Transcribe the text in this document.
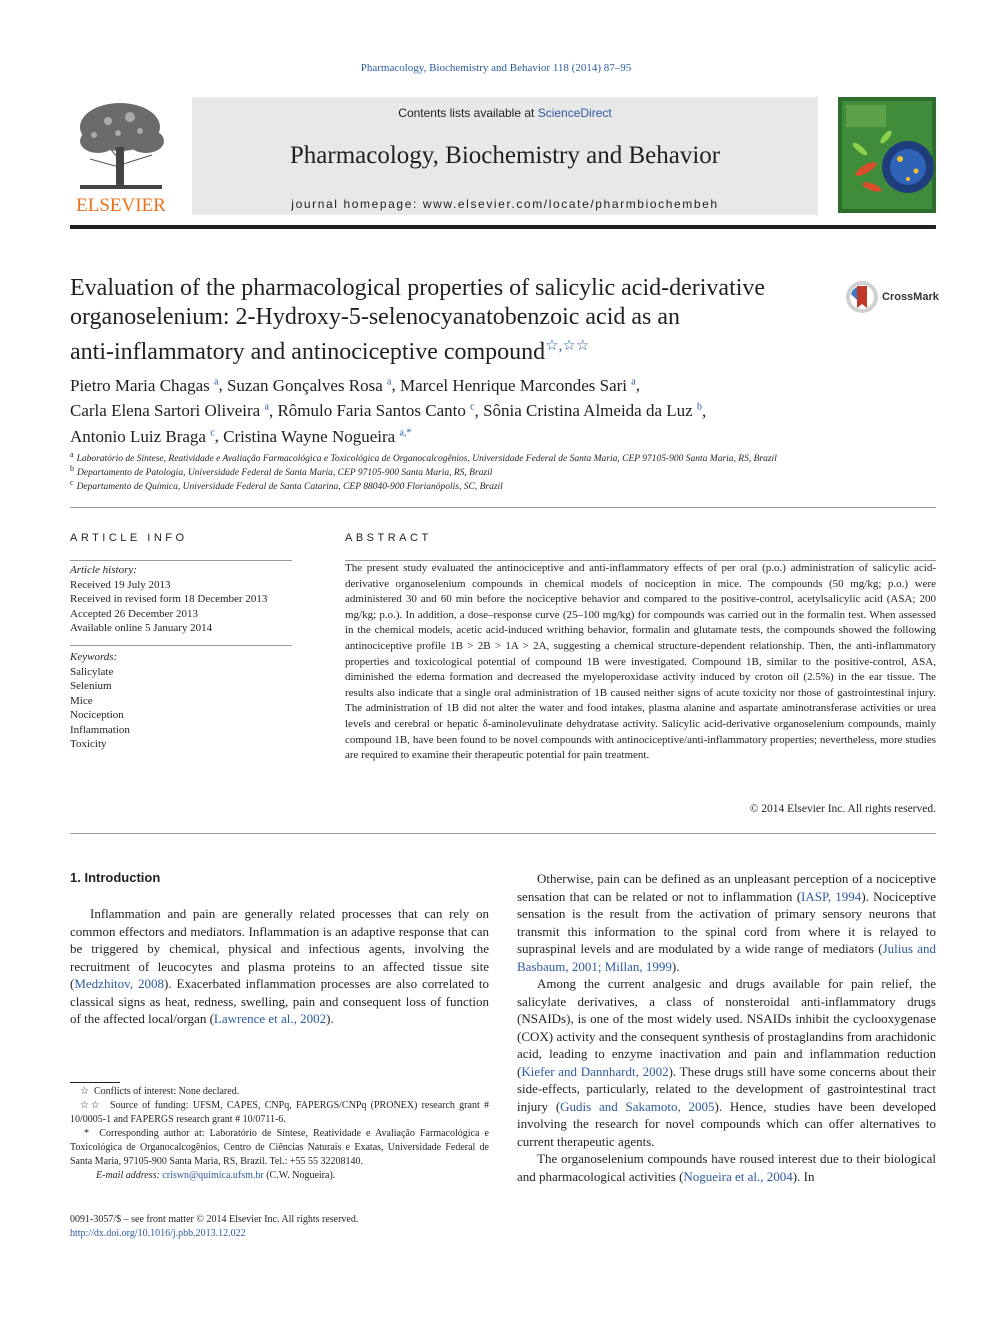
Pharmacology, Biochemistry and Behavior 118 (2014) 87–95
ELSEVIER
Contents lists available at ScienceDirect
Pharmacology, Biochemistry and Behavior
journal homepage: www.elsevier.com/locate/pharmbiochembeh
Evaluation of the pharmacological properties of salicylic acid-derivative
organoselenium: 2-Hydroxy-5-selenocyanatobenzoic acid as an
anti-inflammatory and antinociceptive compound☆,☆☆
CrossMark
Pietro Maria Chagas $^a$, Suzan Gonçalves Rosa $^a$, Marcel Henrique Marcondes Sari $^a$,
Carla Elena Sartori Oliveira $^a$, Rômulo Faria Santos Canto $^c$, Sônia Cristina Almeida da Luz $^b$,
Antonio Luiz Braga $^c$, Cristina Wayne Nogueira $^{a,*}$
$^a$ Laboratório de Síntese, Reatividade e Avaliação Farmacológica e Toxicológica de Organocalcogênios, Universidade Federal de Santa Maria, CEP 97105-900 Santa Maria, RS, Brazil
$^b$ Departamento de Patologia, Universidade Federal de Santa Maria, CEP 97105-900 Santa Maria, RS, Brazil
$^c$ Departamento de Química, Universidade Federal de Santa Catarina, CEP 88040-900 Florianópolis, SC, Brazil
ARTICLE INFO
Article history:
Received 19 July 2013
Received in revised form 18 December 2013
Accepted 26 December 2013
Available online 5 January 2014
Keywords:
Salicylate
Selenium
Mice
Nociception
Inflammation
Toxicity
ABSTRACT
The present study evaluated the antinociceptive and anti-inflammatory effects of per oral (p.o.) administration of salicylic acid-derivative organoselenium compounds in chemical models of nociception in mice. The compounds (50 mg/kg; p.o.) were administered 30 and 60 min before the nociceptive behavior and compared to the positive-control, acetylsalicylic acid (ASA; 200 mg/kg; p.o.). In addition, a dose–response curve (25–100 mg/kg) for compounds was carried out in the formalin test. When assessed in the chemical models, acetic acid-induced writhing behavior, formalin and glutamate tests, the compounds showed the following antinociceptive profile 1B > 2B > 1A > 2A, suggesting a chemical structure-dependent relationship. Then, the anti-inflammatory properties and toxicological potential of compound 1B were investigated. Compound 1B, similar to the positive-control, ASA, diminished the edema formation and decreased the myeloperoxidase activity induced by croton oil (2.5%) in the ear tissue. The results also indicate that a single oral administration of 1B caused neither signs of acute toxicity nor those of gastrointestinal injury. The administration of 1B did not alter the water and food intakes, plasma alanine and aspartate aminotransferase activities or urea levels and cerebral or hepatic δ-aminolevulinate dehydratase activity. Salicylic acid-derivative organoselenium compounds, mainly compound 1B, have been found to be novel compounds with antinociceptive/anti-inflammatory properties; nevertheless, more studies are required to examine their therapeutic potential for pain treatment.
© 2014 Elsevier Inc. All rights reserved.
1. Introduction

Inflammation and pain are generally related processes that can rely on common effectors and mediators. Inflammation is an adaptive response that can be triggered by chemical, physical and infectious agents, involving the recruitment of leucocytes and plasma proteins to an affected tissue site (Medzhitov, 2008). Exacerbated inflammation processes are also correlated to classical signs as heat, redness, swelling, pain and consequent loss of function of the affected local/organ (Lawrence et al., 2002).

Otherwise, pain can be defined as an unpleasant perception of a nociceptive sensation that can be related or not to inflammation (IASP, 1994). Nociceptive sensation is the result from the activation of primary sensory neurons that transmit this information to the spinal cord from where it is relayed to supraspinal levels and are modulated by a wide range of mediators (Julius and Basbaum, 2001; Millan, 1999).

Among the current analgesic and drugs available for pain relief, the salicylate derivatives, a class of nonsteroidal anti-inflammatory drugs (NSAIDs), is one of the most widely used. NSAIDs inhibit the cyclooxygenase (COX) activity and the consequent synthesis of prostaglandins from arachidonic acid, leading to enzyme inactivation and pain and inflammation reduction (Kiefer and Dannhardt, 2002). These drugs still have some concerns about their side-effects, particularly, related to the development of gastrointestinal tract injury (Gudis and Sakamoto, 2005). Hence, studies have been developed involving the research for novel compounds which can offer alternatives to current therapeutic agents.

The organoselenium compounds have roused interest due to their biological and pharmacological activities (Nogueira et al., 2004). In

☆ Conflicts of interest: None declared.
☆☆ Source of funding: UFSM, CAPES, CNPq, FAPERGS/CNPq (PRONEX) research grant # 10/0005-1 and FAPERGS research grant # 10/0711-6.
* Corresponding author at: Laboratório de Síntese, Reatividade e Avaliação Farmacológica e Toxicológica de Organocalcogênios, Centro de Ciências Naturais e Exatas, Universidade Federal de Santa Maria, 97105-900 Santa Maria, RS, Brazil. Tel.: +55 55 32208140.
E-mail address: criswn@quimica.ufsm.br (C.W. Nogueira).
0091-3057/$ – see front matter © 2014 Elsevier Inc. All rights reserved.
http://dx.doi.org/10.1016/j.pbb.2013.12.022
